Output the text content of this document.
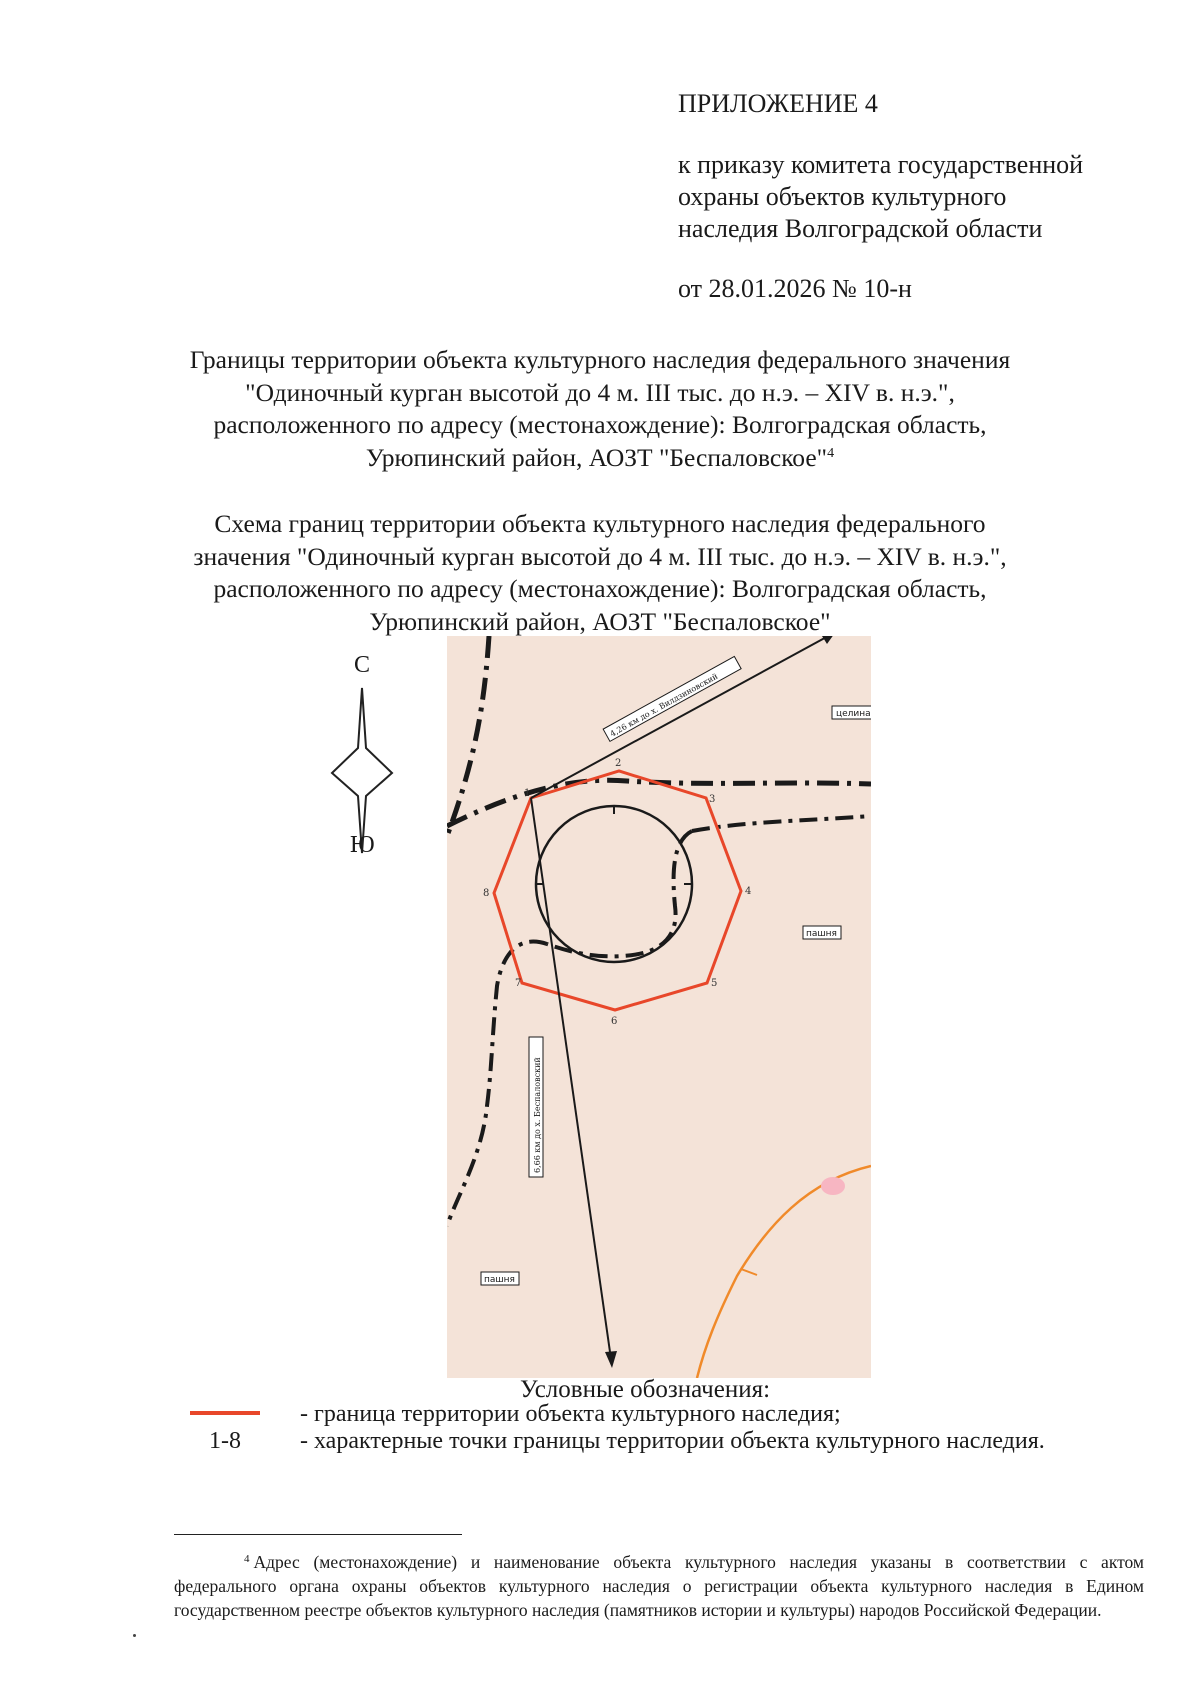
ПРИЛОЖЕНИЕ 4
к приказу комитета государственной
охраны объектов культурного
наследия Волгоградской области
от 28.01.2026 № 10-н
Границы территории объекта культурного наследия федерального значения
"Одиночный курган высотой до 4 м. III тыс. до н.э. – XIV в. н.э.",
расположенного по адресу (местонахождение): Волгоградская область,
Урюпинский район, АОЗТ "Беспаловское"$^4$
Схема границ территории объекта культурного наследия федерального
значения "Одиночный курган высотой до 4 м. III тыс. до н.э. – XIV в. н.э.",
расположенного по адресу (местонахождение): Волгоградская область,
Урюпинский район, АОЗТ "Беспаловское"
С
Ю
1
2
3
4
5
6
7
8
4,26 км до х. Вилдзиновский
6,66 км до х. Беспаловский
целина
пашня
пашня
Условные обозначения:
- граница территории объекта культурного наследия;
1-8 - характерные точки границы территории объекта культурного наследия.
$^4$ Адрес (местонахождение) и наименование объекта культурного наследия указаны в соответствии с актом федерального органа охраны объектов культурного наследия о регистрации объекта культурного наследия в Едином государственном реестре объектов культурного наследия (памятников истории и культуры) народов Российской Федерации.
